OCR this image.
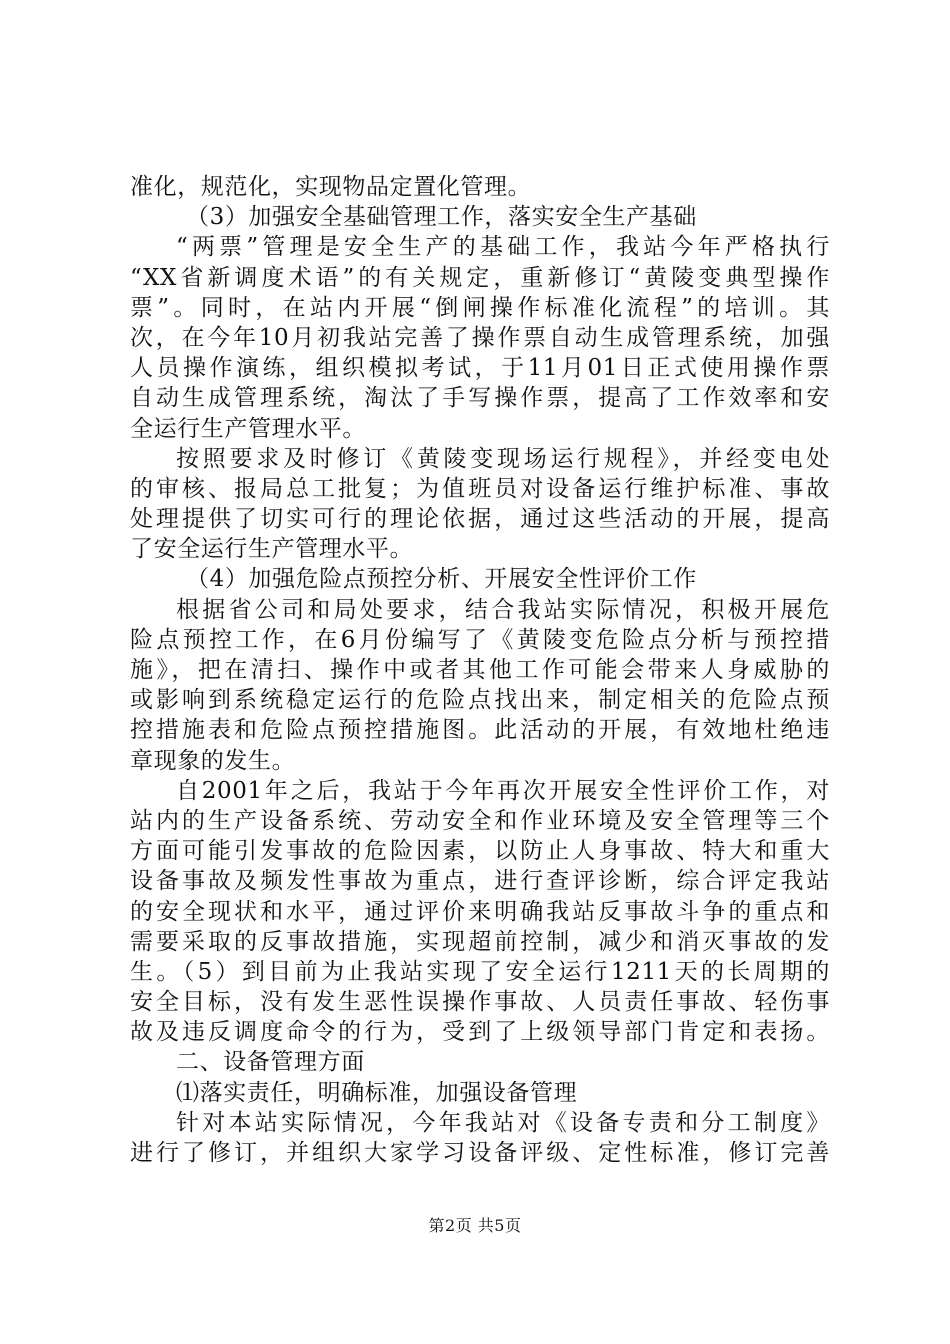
准化，规范化，实现物品定置化管理。
（3）加强安全基础管理工作，落实安全生产基础
“两票”管理是安全生产的基础工作，我站今年严格执行
“XX省新调度术语”的有关规定，重新修订“黄陵变典型操作
票”。同时，在站内开展“倒闸操作标准化流程”的培训。其
次，在今年10月初我站完善了操作票自动生成管理系统，加强
人员操作演练，组织模拟考试，于11月01日正式使用操作票
自动生成管理系统，淘汰了手写操作票，提高了工作效率和安
全运行生产管理水平。
按照要求及时修订《黄陵变现场运行规程》，并经变电处
的审核、报局总工批复；为值班员对设备运行维护标准、事故
处理提供了切实可行的理论依据，通过这些活动的开展，提高
了安全运行生产管理水平。
（4）加强危险点预控分析、开展安全性评价工作
根据省公司和局处要求，结合我站实际情况，积极开展危
险点预控工作，在6月份编写了《黄陵变危险点分析与预控措
施》，把在清扫、操作中或者其他工作可能会带来人身威胁的
或影响到系统稳定运行的危险点找出来，制定相关的危险点预
控措施表和危险点预控措施图。此活动的开展，有效地杜绝违
章现象的发生。
自2001年之后，我站于今年再次开展安全性评价工作，对
站内的生产设备系统、劳动安全和作业环境及安全管理等三个
方面可能引发事故的危险因素，以防止人身事故、特大和重大
设备事故及频发性事故为重点，进行查评诊断，综合评定我站
的安全现状和水平，通过评价来明确我站反事故斗争的重点和
需要采取的反事故措施，实现超前控制，减少和消灭事故的发
生。（5）到目前为止我站实现了安全运行1211天的长周期的
安全目标，没有发生恶性误操作事故、人员责任事故、轻伤事
故及违反调度命令的行为，受到了上级领导部门肯定和表扬。
二、设备管理方面
⑴落实责任，明确标准，加强设备管理
针对本站实际情况，今年我站对《设备专责和分工制度》
进行了修订，并组织大家学习设备评级、定性标准，修订完善
第2页 共5页
